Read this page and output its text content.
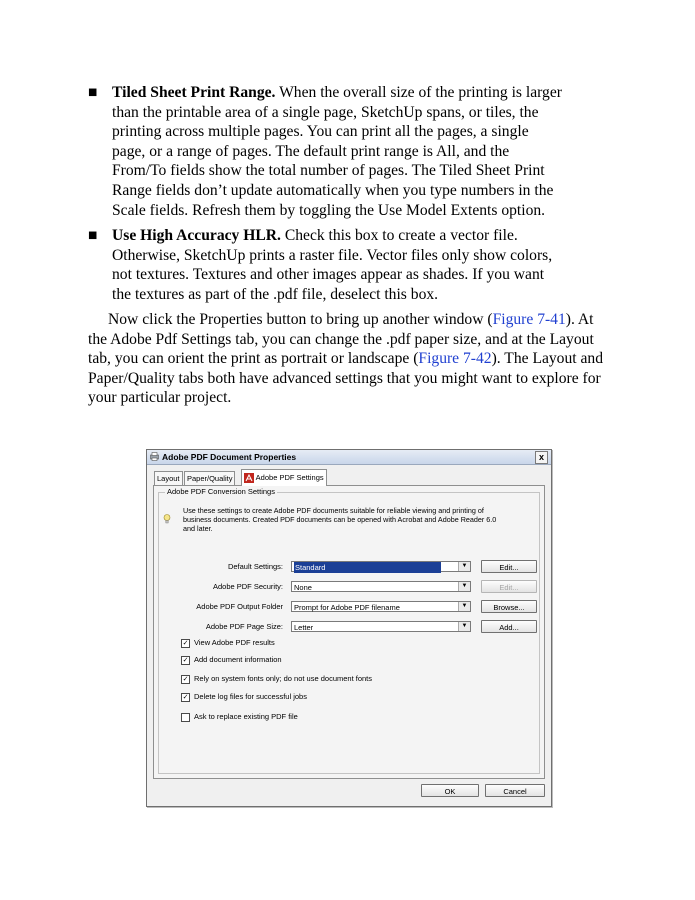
■ Tiled Sheet Print Range. When the overall size of the printing is larger
than the printable area of a single page, SketchUp spans, or tiles, the
printing across multiple pages. You can print all the pages, a single
page, or a range of pages. The default print range is All, and the
From/To fields show the total number of pages. The Tiled Sheet Print
Range fields don’t update automatically when you type numbers in the
Scale fields. Refresh them by toggling the Use Model Extents option.
■ Use High Accuracy HLR. Check this box to create a vector file.
Otherwise, SketchUp prints a raster file. Vector files only show colors,
not textures. Textures and other images appear as shades. If you want
the textures as part of the .pdf file, deselect this box.
Now click the Properties button to bring up another window (Figure 7-41). At the Adobe Pdf Settings tab, you can change the .pdf paper size, and at the Layout tab, you can orient the print as portrait or landscape (Figure 7-42). The Layout and Paper/Quality tabs both have advanced settings that you might want to explore for your particular project.
Adobe PDF Document Properties	x
Layout Paper/Quality	Adobe PDF Settings
Adobe PDF Conversion Settings
Use these settings to create Adobe PDF documents suitable for reliable viewing and printing of
business documents. Created PDF documents can be opened with Acrobat and Adobe Reader 6.0
and later.
Default Settings:	Standard	▼	Edit...
Adobe PDF Security:	None	▼	Edit...
Adobe PDF Output Folder	Prompt for Adobe PDF filename	▼	Browse...
Adobe PDF Page Size:	Letter	▼	Add...
✓ View Adobe PDF results
✓ Add document information
✓ Rely on system fonts only; do not use document fonts
✓ Delete log files for successful jobs
Ask to replace existing PDF file
OK	Cancel
